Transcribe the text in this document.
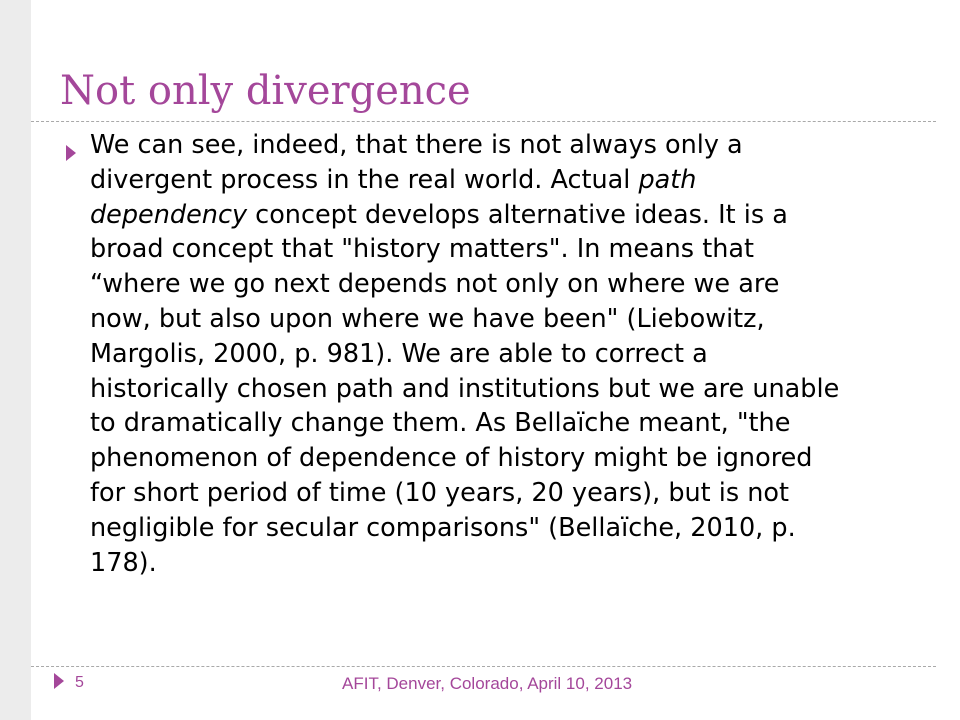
Not only divergence
We can see, indeed, that there is not always only a
divergent process in the real world. Actual path
dependency concept develops alternative ideas. It is a
broad concept that "history matters". In means that
“where we go next depends not only on where we are
now, but also upon where we have been" (Liebowitz,
Margolis, 2000, p. 981). We are able to correct a
historically chosen path and institutions but we are unable
to dramatically change them. As Bellaïche meant, "the
phenomenon of dependence of history might be ignored
for short period of time (10 years, 20 years), but is not
negligible for secular comparisons" (Bellaïche, 2010, p.
178).
5	AFIT, Denver, Colorado, April 10, 2013
